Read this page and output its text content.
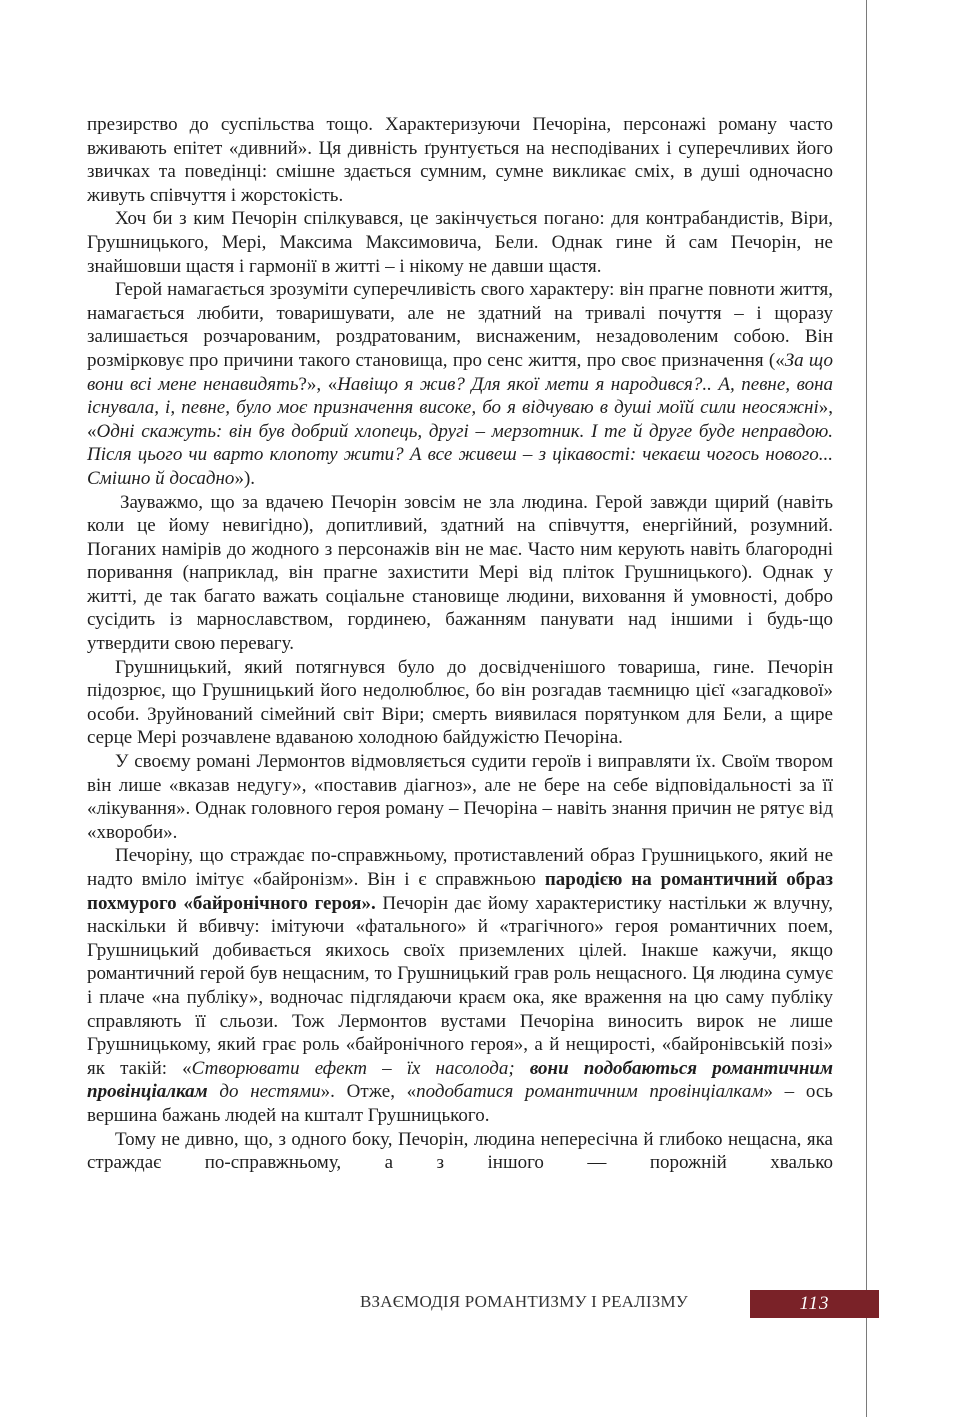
презирство до суспільства тощо. Характеризуючи Печоріна, персонажі роману часто вживають епітет «дивний». Ця дивність ґрунтується на несподіваних і суперечливих його звичках та поведінці: смішне здається сумним, сумне викликає сміх, в душі одночасно живуть співчуття і жорстокість.

Хоч би з ким Печорін спілкувався, це закінчується погано: для контрабандистів, Віри, Грушницького, Мері, Максима Максимовича, Бели. Однак гине й сам Печорін, не знайшовши щастя і гармонії в житті – і нікому не давши щастя.

Герой намагається зрозуміти суперечливість свого характеру: він прагне повноти життя, намагається любити, товаришувати, але не здатний на тривалі почуття – і щоразу залишається розчарованим, роздратованим, виснаженим, незадоволеним собою. Він розмірковує про причини такого становища, про сенс життя, про своє призначення («За що вони всі мене ненавидять?», «Навіщо я жив? Для якої мети я народився?.. А, певне, вона існувала, і, певне, було моє призначення високе, бо я відчуваю в душі моїй сили неосяжні», «Одні скажуть: він був добрий хлопець, другі – мерзотник. І те й друге буде неправдою. Після цього чи варто клопоту жити? А все живеш – з цікавості: чекаєш чогось нового... Смішно й досадно»).

Зауважмо, що за вдачею Печорін зовсім не зла людина. Герой завжди щирий (навіть коли це йому невигідно), допитливий, здатний на співчуття, енергійний, розумний. Поганих намірів до жодного з персонажів він не має. Часто ним керують навіть благородні поривання (наприклад, він прагне захистити Мері від пліток Грушницького). Однак у житті, де так багато важать соціальне становище людини, виховання й умовності, добро сусідить із марнославством, гординею, бажанням панувати над іншими і будь-що утвердити свою перевагу.

Грушницький, який потягнувся було до досвідченішого товариша, гине. Печорін підозрює, що Грушницький його недолюблює, бо він розгадав таємницю цієї «загадкової» особи. Зруйнований сімейний світ Віри; смерть виявилася порятунком для Бели, а щире серце Мері розчавлене вдаваною холодною байдужістю Печоріна.

У своєму романі Лермонтов відмовляється судити героїв і виправляти їх. Своїм твором він лише «вказав недугу», «поставив діагноз», але не бере на себе відповідальності за її «лікування». Однак головного героя роману – Печоріна – навіть знання причин не рятує від «хвороби».

Печоріну, що страждає по-справжньому, протиставлений образ Грушницького, який не надто вміло імітує «байронізм». Він і є справжньою пародією на романтичний образ похмурого «байронічного героя». Печорін дає йому характеристику настільки ж влучну, наскільки й вбивчу: імітуючи «фатального» й «трагічного» героя романтичних поем, Грушницький добивається якихось своїх приземлених цілей. Інакше кажучи, якщо романтичний герой був нещасним, то Грушницький грав роль нещасного. Ця людина сумує і плаче «на публіку», водночас підглядаючи краєм ока, яке враження на цю саму публіку справляють її сльози. Тож Лермонтов вустами Печоріна виносить вирок не лише Грушницькому, який грає роль «байронічного героя», а й нещирості, «байронівській позі» як такій: «Створювати ефект – їх насолода; вони подобаються романтичним провінціалкам до нестями». Отже, «подобатися романтичним провінціалкам» – ось вершина бажань людей на кшталт Грушницького.

Тому не дивно, що, з одного боку, Печорін, людина непересічна й глибоко нещасна, яка страждає по-справжньому, а з іншого — порожній хвалько

ВЗАЄМОДІЯ РОМАНТИЗМУ І РЕАЛІЗМУ	113
